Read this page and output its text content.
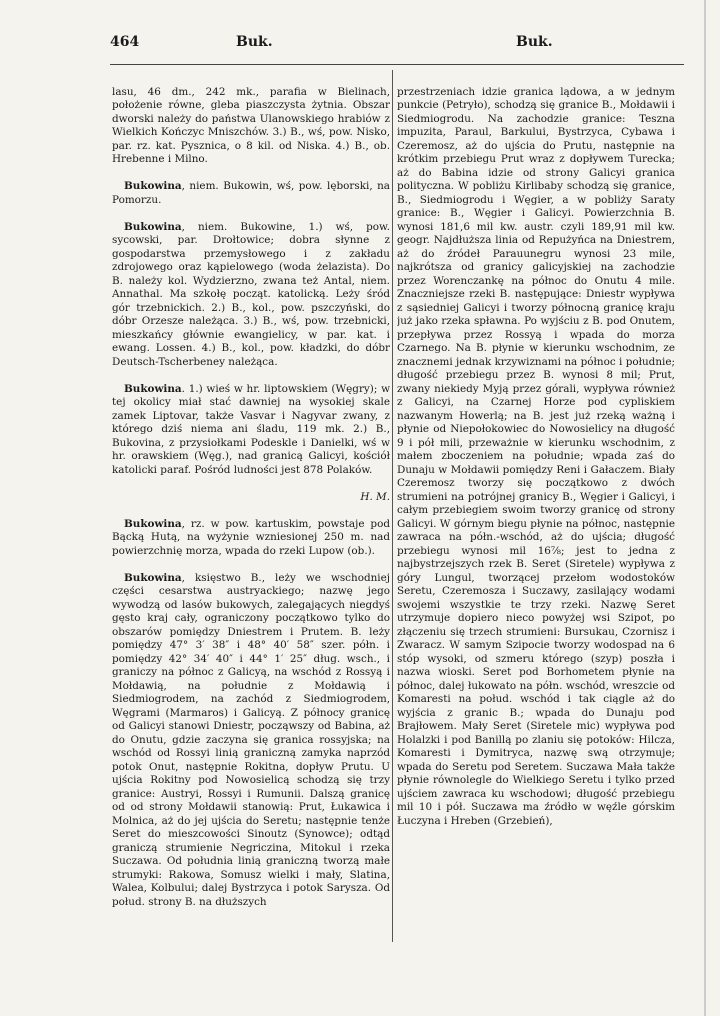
464	Buk.	Buk.

lasu, 46 dm., 242 mk., parafia w Bielinach, położenie równe, gleba piaszczysta żytnia. Obszar dworski należy do państwa Ulanowskiego hrabiów z Wielkich Kończyc Mniszchów. 3.) B., wś, pow. Nisko, par. rz. kat. Pysznica, o 8 kil. od Niska. 4.) B., ob. Hrebenne i Milno.

Bukowina, niem. Bukowin, wś, pow. lęborski, na Pomorzu.

Bukowina, niem. Bukowine, 1.) wś, pow. sycowski, par. Drołtowice; dobra słynne z gospodarstwa przemysłowego i z zakładu zdrojowego oraz kąpielowego (woda żelazista). Do B. należy kol. Wydzierzno, zwana też Antal, niem. Annathal. Ma szkołę począt. katolicką. Leży śród gór trzebnickich. 2.) B., kol., pow. pszczyński, do dóbr Orzesze należąca. 3.) B., wś, pow. trzebnicki, mieszkańcy głównie ewangielicy, w par. kat. i ewang. Lossen. 4.) B., kol., pow. kładzki, do dóbr Deutsch-Tscherbeney należąca.

Bukowina. 1.) wieś w hr. liptowskiem (Węgry); w tej okolicy miał stać dawniej na wysokiej skale zamek Liptovar, także Vasvar i Nagyvar zwany, z którego dziś niema ani śladu, 119 mk. 2.) B., Bukovina, z przysiołkami Podeskle i Danielki, wś w hr. orawskiem (Węg.), nad granicą Galicyi, kościół katolicki paraf. Pośród ludności jest 878 Polaków.

H. M.

Bukowina, rz. w pow. kartuskim, powstaje pod Bącką Hutą, na wyżynie wzniesionej 250 m. nad powierzchnię morza, wpada do rzeki Lupow (ob.).

Bukowina, księstwo B., leży we wschodniej części cesarstwa austryackiego; nazwę jego wywodzą od lasów bukowych, zalegających niegdyś gęsto kraj cały, ograniczony początkowo tylko do obszarów pomiędzy Dniestrem i Prutem. B. leży pomiędzy 47° 3′ 38″ i 48° 40′ 58″ szer. półn. i pomiędzy 42° 34′ 40″ i 44° 1′ 25″ dług. wsch., i graniczy na północ z Galicyą, na wschód z Rossyą i Mołdawią, na południe z Mołdawią i Siedmiogrodem, na zachód z Siedmiogrodem, Węgrami (Marmaros) i Galicyą. Z północy granicę od Galicyi stanowi Dniestr, począwszy od Babina, aż do Onutu, gdzie zaczyna się granica rossyjska; na wschód od Rossyi linią graniczną zamyka naprzód potok Onut, następnie Rokitna, dopływ Prutu. U ujścia Rokitny pod Nowosielicą schodzą się trzy granice: Austryi, Rossyi i Rumunii. Dalszą granicę od od strony Mołdawii stanowią: Prut, Łukawica i Molnica, aż do jej ujścia do Seretu; następnie tenże Seret do mieszcowości Sinoutz (Synowce); odtąd graniczą strumienie Negriczina, Mitokul i rzeka Suczawa. Od południa linią graniczną tworzą małe strumyki: Rakowa, Somusz wielki i mały, Slatina, Walea, Kolbului; dalej Bystrzyca i potok Sarysza. Od połud. strony B. na dłuższych

przestrzeniach idzie granica lądowa, a w jednym punkcie (Petryło), schodzą się granice B., Mołdawii i Siedmiogrodu. Na zachodzie granice: Teszna impuzita, Paraul, Barkului, Bystrzyca, Cybawa i Czeremosz, aż do ujścia do Prutu, następnie na krótkim przebiegu Prut wraz z dopływem Turecka; aż do Babina idzie od strony Galicyi granica polityczna. W pobliżu Kirlibaby schodzą się granice, B., Siedmiogrodu i Węgier, a w pobliży Saraty granice: B., Węgier i Galicyi. Powierzchnia B. wynosi 181,6 mil kw. austr. czyli 189,91 mil kw. geogr. Najdłuższa linia od Repużyńca na Dniestrem, aż do źródeł Parauunegru wynosi 23 mile, najkrótsza od granicy galicyjskiej na zachodzie przez Worenczankę na północ do Onutu 4 mile. Znaczniejsze rzeki B. następujące: Dniestr wypływa z sąsiedniej Galicyi i tworzy północną granicę kraju już jako rzeka spławna. Po wyjściu z B. pod Onutem, przepływa przez Rossyą i wpada do morza Czarnego. Na B. płynie w kierunku wschodnim, ze znacznemi jednak krzywiznami na północ i południe; długość przebiegu przez B. wynosi 8 mil; Prut, zwany niekiedy Myją przez górali, wypływa również z Galicyi, na Czarnej Horze pod cypliskiem nazwanym Howerlą; na B. jest już rzeką ważną i płynie od Niepołokowiec do Nowosielicy na długość 9 i pół mili, przeważnie w kierunku wschodnim, z małem zboczeniem na południe; wpada zaś do Dunaju w Mołdawii pomiędzy Reni i Gałaczem. Biały Czeremosz tworzy się początkowo z dwóch strumieni na potrójnej granicy B., Węgier i Galicyi, i całym przebiegiem swoim tworzy granicę od strony Galicyi. W górnym biegu płynie na północ, następnie zawraca na półn.-wschód, aż do ujścia; długość przebiegu wynosi mil 16⅞; jest to jedna z najbystrzejszych rzek B. Seret (Siretele) wypływa z góry Lungul, tworzącej przełom wodostoków Seretu, Czeremosza i Suczawy, zasilający wodami swojemi wszystkie te trzy rzeki. Nazwę Seret utrzymuje dopiero nieco powyżej wsi Szipot, po złączeniu się trzech strumieni: Bursukau, Czornisz i Zwaracz. W samym Szipocie tworzy wodospad na 6 stóp wysoki, od szmeru którego (szyp) poszła i nazwa wioski. Seret pod Borhometem płynie na północ, dalej łukowato na półn. wschód, wreszcie od Komaresti na połud. wschód i tak ciągle aż do wyjścia z granic B.; wpada do Dunaju pod Brajłowem. Mały Seret (Siretele mic) wypływa pod Holalzki i pod Banillą po zlaniu się potoków: Hilcza, Komaresti i Dymitryca, nazwę swą otrzymuje; wpada do Seretu pod Seretem. Suczawa Mała także płynie równolegle do Wielkiego Seretu i tylko przed ujściem zawraca ku wschodowi; długość przebiegu mil 10 i pół. Suczawa ma źródło w węźle górskim Łuczyna i Hreben (Grzebień),
